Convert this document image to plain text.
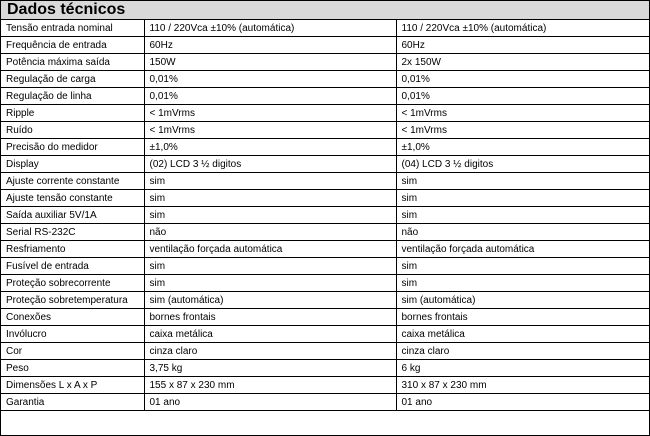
Dados técnicos
Tensão entrada nominal	110 / 220Vca ±10% (automática)	110 / 220Vca ±10% (automática)
Frequência de entrada	60Hz	60Hz
Potência máxima saída	150W	2x 150W
Regulação de carga	0,01%	0,01%
Regulação de linha	0,01%	0,01%
Ripple	< 1mVrms	< 1mVrms
Ruído	< 1mVrms	< 1mVrms
Precisão do medidor	±1,0%	±1,0%
Display	(02) LCD 3 ½ digitos	(04) LCD 3 ½ digitos
Ajuste corrente constante	sim	sim
Ajuste tensão constante	sim	sim
Saída auxiliar 5V/1A	sim	sim
Serial RS-232C	não	não
Resfriamento	ventilação forçada automática	ventilação forçada automática
Fusível de entrada	sim	sim
Proteção sobrecorrente	sim	sim
Proteção sobretemperatura	sim (automática)	sim (automática)
Conexões	bornes frontais	bornes frontais
Invólucro	caixa metálica	caixa metálica
Cor	cinza claro	cinza claro
Peso	3,75 kg	6 kg
Dimensões L x A x P	155 x 87 x 230 mm	310 x 87 x 230 mm
Garantia	01 ano	01 ano
